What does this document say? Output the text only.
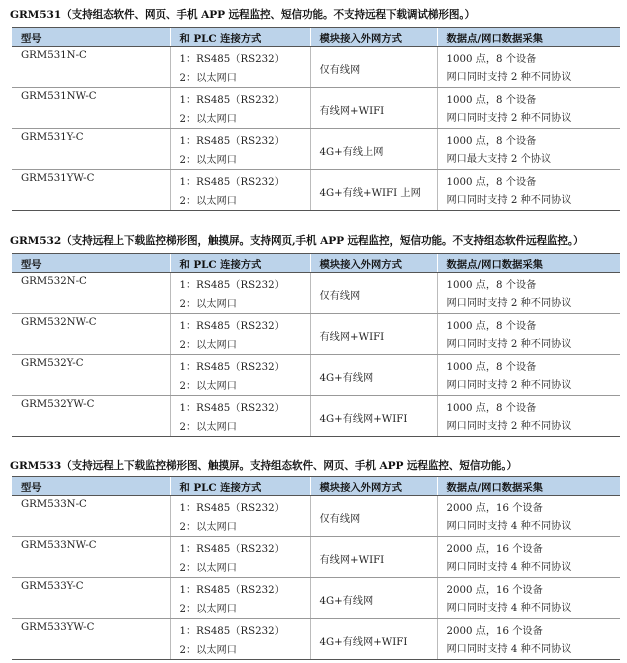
GRM531（支持组态软件、网页、手机 APP 远程监控、短信功能。不支持远程下载调试梯形图。）
型号	和 PLC 连接方式	模块接入外网方式	数据点/网口数据采集

GRM531N-C	1：RS485（RS232）
2：以太网口	仅有线网	1000 点，8 个设备
网口同时支持 2 种不同协议

GRM531NW-C	1：RS485（RS232）
2：以太网口	有线网+WIFI	1000 点，8 个设备
网口同时支持 2 种不同协议

GRM531Y-C	1：RS485（RS232）
2：以太网口	4G+有线上网	1000 点，8 个设备
网口最大支持 2 个协议

GRM531YW-C	1：RS485（RS232）
2：以太网口	4G+有线+WIFI 上网	1000 点，8 个设备
网口同时支持 2 种不同协议
GRM532（支持远程上下载监控梯形图，触摸屏。支持网页,手机 APP 远程监控，短信功能。不支持组态软件远程监控。）
型号	和 PLC 连接方式	模块接入外网方式	数据点/网口数据采集

GRM532N-C	1：RS485（RS232）
2：以太网口	仅有线网	1000 点，8 个设备
网口同时支持 2 种不同协议

GRM532NW-C	1：RS485（RS232）
2：以太网口	有线网+WIFI	1000 点，8 个设备
网口同时支持 2 种不同协议

GRM532Y-C	1：RS485（RS232）
2：以太网口	4G+有线网	1000 点，8 个设备
网口同时支持 2 种不同协议

GRM532YW-C	1：RS485（RS232）
2：以太网口	4G+有线网+WIFI	1000 点，8 个设备
网口同时支持 2 种不同协议
GRM533（支持远程上下载监控梯形图、触摸屏。支持组态软件、网页、手机 APP 远程监控、短信功能。）
型号	和 PLC 连接方式	模块接入外网方式	数据点/网口数据采集

GRM533N-C	1：RS485（RS232）
2：以太网口	仅有线网	2000 点，16 个设备
网口同时支持 4 种不同协议

GRM533NW-C	1：RS485（RS232）
2：以太网口	有线网+WIFI	2000 点，16 个设备
网口同时支持 4 种不同协议

GRM533Y-C	1：RS485（RS232）
2：以太网口	4G+有线网	2000 点，16 个设备
网口同时支持 4 种不同协议

GRM533YW-C	1：RS485（RS232）
2：以太网口	4G+有线网+WIFI	2000 点，16 个设备
网口同时支持 4 种不同协议
